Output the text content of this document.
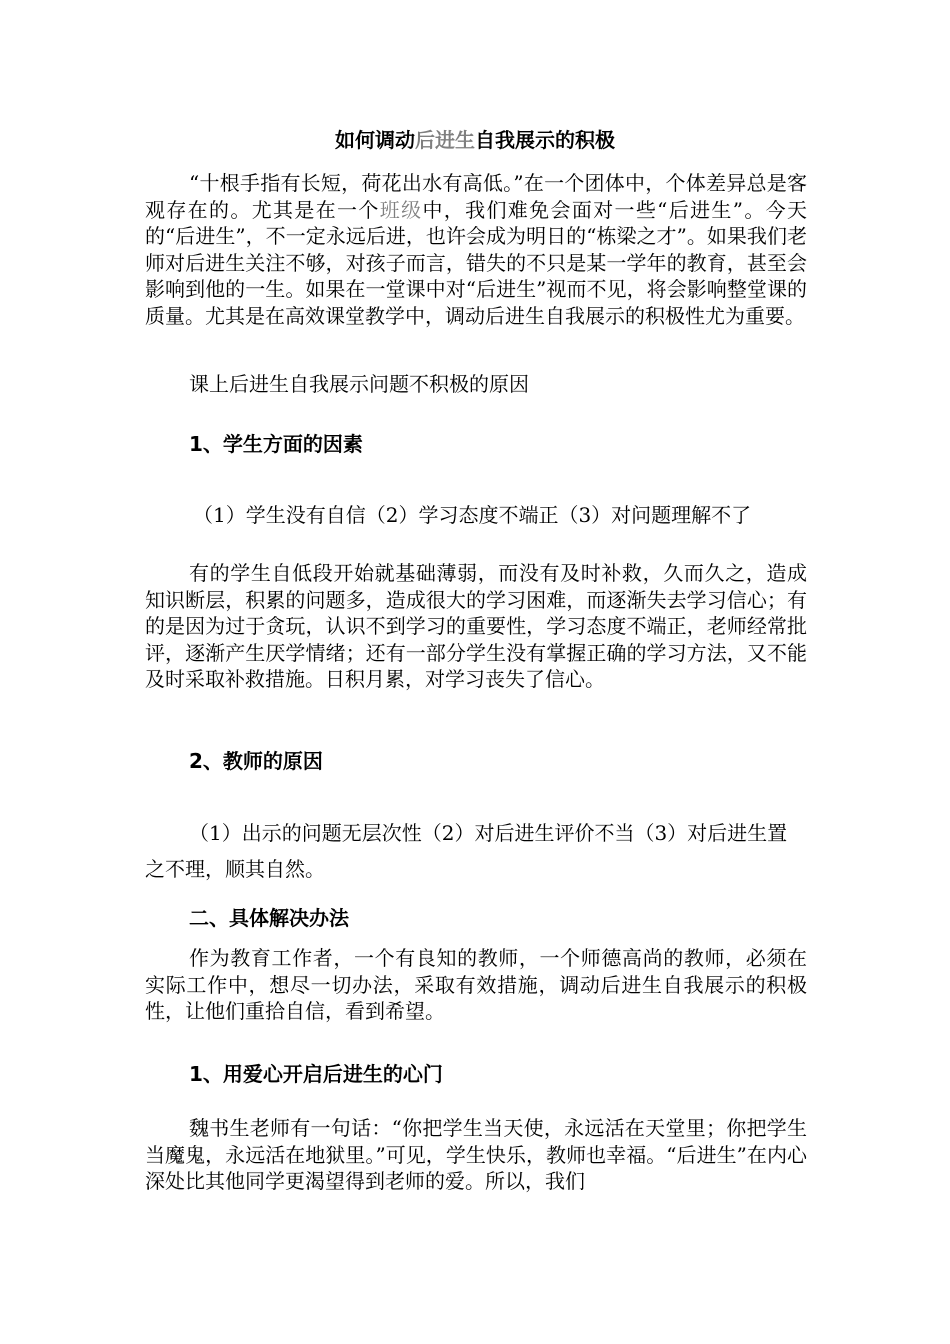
如何调动后进生自我展示的积极
“十根手指有长短，荷花出水有高低。”在一个团体中，个体差异总是客观存在的。尤其是在一个班级中，我们难免会面对一些“后进生”。今天的“后进生”，不一定永远后进，也许会成为明日的“栋梁之才”。如果我们老师对后进生关注不够，对孩子而言，错失的不只是某一学年的教育，甚至会影响到他的一生。如果在一堂课中对“后进生”视而不见，将会影响整堂课的质量。尤其是在高效课堂教学中，调动后进生自我展示的积极性尤为重要。
课上后进生自我展示问题不积极的原因
1、学生方面的因素
（1）学生没有自信（2）学习态度不端正（3）对问题理解不了
有的学生自低段开始就基础薄弱，而没有及时补救，久而久之，造成知识断层，积累的问题多，造成很大的学习困难，而逐渐失去学习信心；有的是因为过于贪玩，认识不到学习的重要性，学习态度不端正，老师经常批评，逐渐产生厌学情绪；还有一部分学生没有掌握正确的学习方法，又不能及时采取补救措施。日积月累，对学习丧失了信心。
2、教师的原因
（1）出示的问题无层次性（2）对后进生评价不当（3）对后进生置
之不理，顺其自然。
二、具体解决办法
作为教育工作者，一个有良知的教师，一个师德高尚的教师，必须在实际工作中，想尽一切办法，采取有效措施，调动后进生自我展示的积极性，让他们重拾自信，看到希望。
1、用爱心开启后进生的心门
魏书生老师有一句话：“你把学生当天使，永远活在天堂里；你把学生当魔鬼，永远活在地狱里。”可见，学生快乐，教师也幸福。“后进生”在内心深处比其他同学更渴望得到老师的爱。所以，我们
